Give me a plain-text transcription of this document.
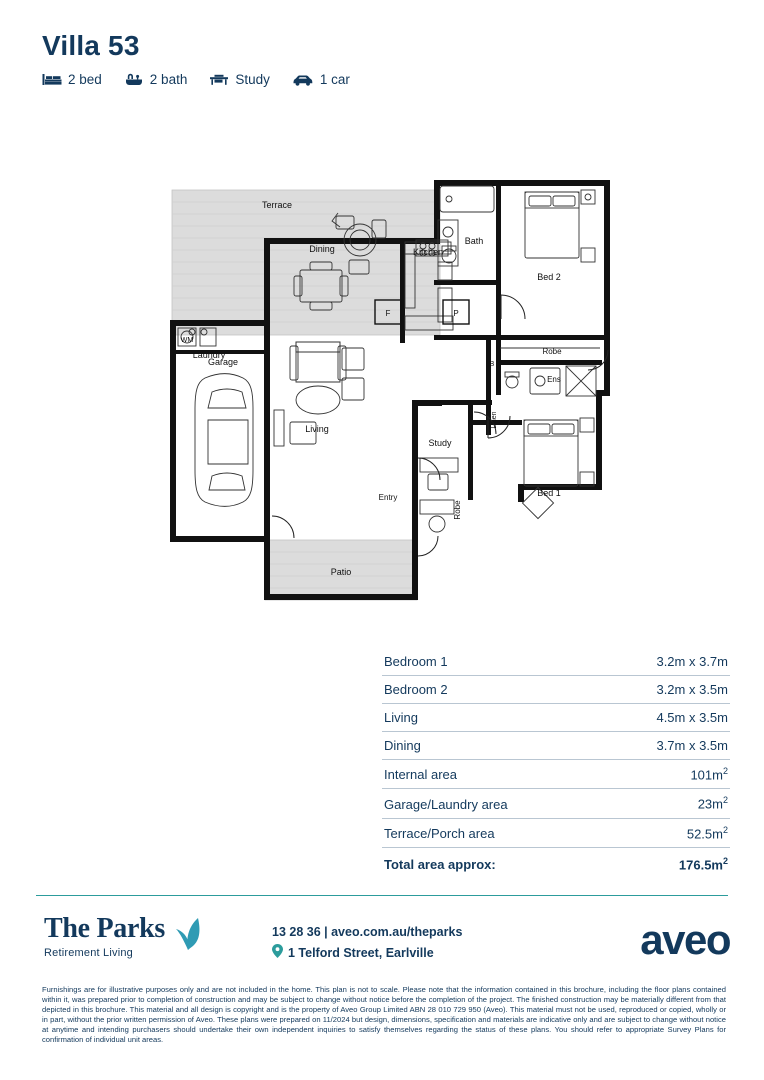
Villa 53
2 bed	2 bath	Study	1 car
Terrace
Bath
Bed 2
Laundry
WM
Garage
Dining	Kitchen
F	P
Robe
B
Ens
Linen
Living
Entry
Study
Robe
Bed 1
Patio
Bedroom 1	3.2m x 3.7m
Bedroom 2	3.2m x 3.5m
Living	4.5m x 3.5m
Dining	3.7m x 3.5m
Internal area	$101m^2$
Garage/Laundry area	$23m^2$
Terrace/Porch area	$52.5m^2$
Total area approx:	$176.5m^2$
The Parks
Retirement Living
13 28 36 | aveo.com.au/theparks
1 Telford Street, Earlville	aveo
Furnishings are for illustrative purposes only and are not included in the home. This plan is not to scale. Please note that the information contained in this brochure, including the floor plans contained within it, was prepared prior to completion of construction and may be subject to change without notice before the completion of the project. The finished construction may be materially different from that depicted in this brochure. This material and all design is copyright and is the property of Aveo Group Limited ABN 28 010 729 950 (Aveo). This material must not be used, reproduced or copied, wholly or in part, without the prior written permission of Aveo. These plans were prepared on 11/2024 but design, dimensions, specification and materials are indicative only and are subject to change without notice at anytime and intending purchasers should undertake their own independent inquiries to satisfy themselves regarding the status of these plans. You should refer to appropriate Survey Plans for confirmation of individual unit areas.
